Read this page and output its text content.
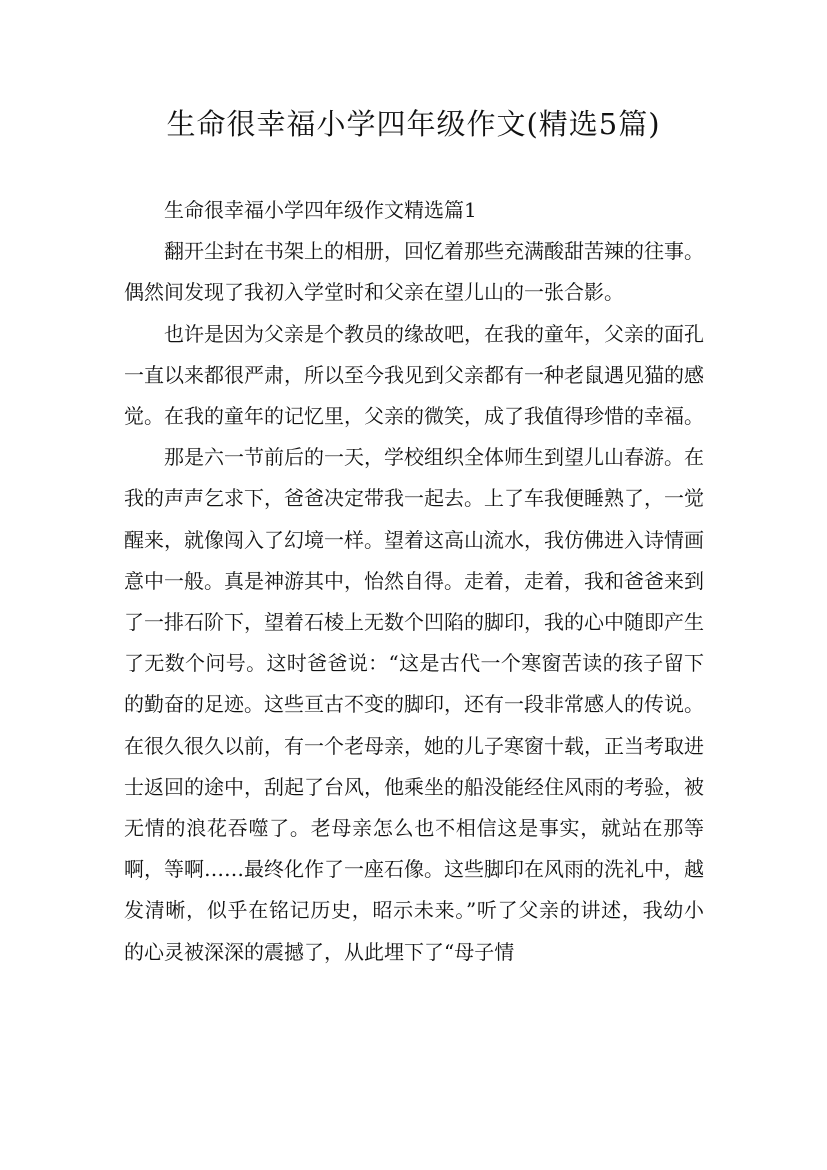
生命很幸福小学四年级作文(精选5篇)

生命很幸福小学四年级作文精选篇1

翻开尘封在书架上的相册，回忆着那些充满酸甜苦辣的往事。偶然间发现了我初入学堂时和父亲在望儿山的一张合影。

也许是因为父亲是个教员的缘故吧，在我的童年，父亲的面孔一直以来都很严肃，所以至今我见到父亲都有一种老鼠遇见猫的感觉。在我的童年的记忆里，父亲的微笑，成了我值得珍惜的幸福。

那是六一节前后的一天，学校组织全体师生到望儿山春游。在我的声声乞求下，爸爸决定带我一起去。上了车我便睡熟了，一觉醒来，就像闯入了幻境一样。望着这高山流水，我仿佛进入诗情画意中一般。真是神游其中，怡然自得。走着，走着，我和爸爸来到了一排石阶下，望着石棱上无数个凹陷的脚印，我的心中随即产生了无数个问号。这时爸爸说：“这是古代一个寒窗苦读的孩子留下的勤奋的足迹。这些亘古不变的脚印，还有一段非常感人的传说。在很久很久以前，有一个老母亲，她的儿子寒窗十载，正当考取进士返回的途中，刮起了台风，他乘坐的船没能经住风雨的考验，被无情的浪花吞噬了。老母亲怎么也不相信这是事实，就站在那等啊，等啊……最终化作了一座石像。这些脚印在风雨的洗礼中，越发清晰，似乎在铭记历史，昭示未来。”听了父亲的讲述，我幼小的心灵被深深的震撼了，从此埋下了“母子情
